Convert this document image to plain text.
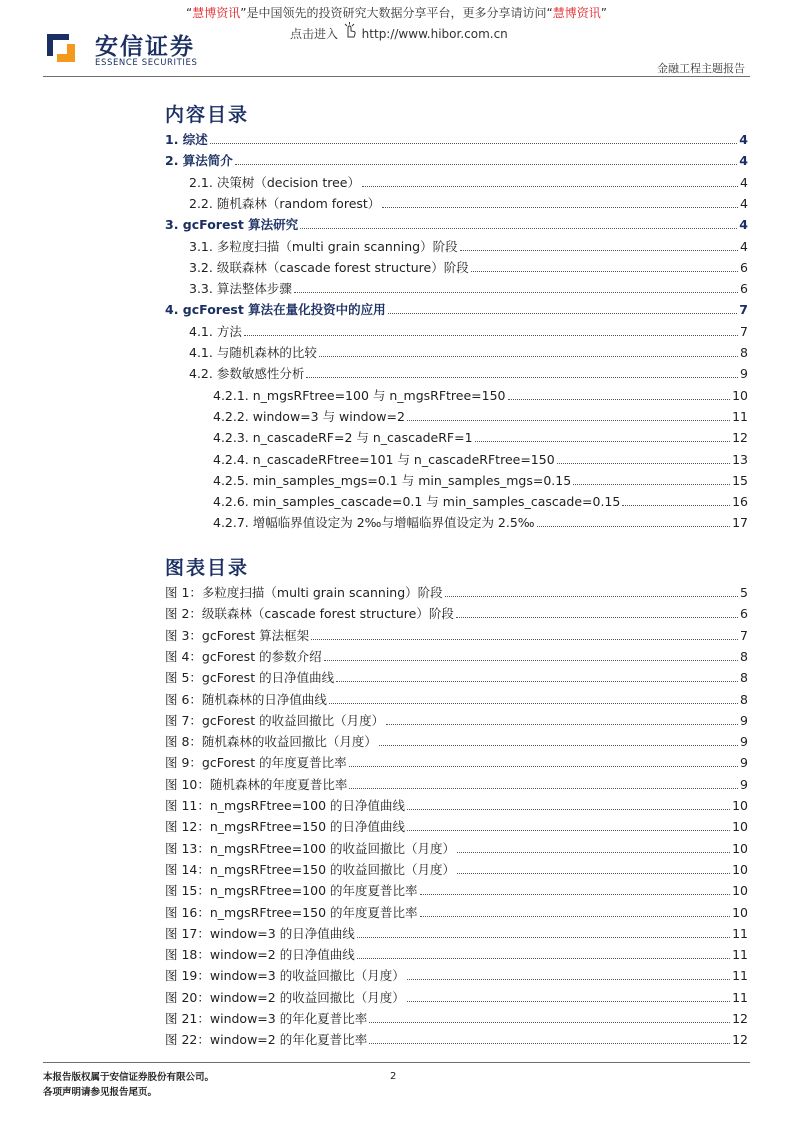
“慧博资讯”是中国领先的投资研究大数据分享平台，更多分享请访问“慧博资讯”
点击进入 http://www.hibor.com.cn
安信证券
ESSENCE SECURITIES	金融工程主题报告
内容目录
1. 综述	4
2. 算法简介	4
2.1. 决策树（decision tree）	4
2.2. 随机森林（random forest）	4
3. gcForest 算法研究	4
3.1. 多粒度扫描（multi grain scanning）阶段	4
3.2. 级联森林（cascade forest structure）阶段	6
3.3. 算法整体步骤	6
4. gcForest 算法在量化投资中的应用	7
4.1. 方法	7
4.1. 与随机森林的比较	8
4.2. 参数敏感性分析	9
4.2.1. n_mgsRFtree=100 与 n_mgsRFtree=150	10
4.2.2. window=3 与 window=2	11
4.2.3. n_cascadeRF=2 与 n_cascadeRF=1	12
4.2.4. n_cascadeRFtree=101 与 n_cascadeRFtree=150	13
4.2.5. min_samples_mgs=0.1 与 min_samples_mgs=0.15	15
4.2.6. min_samples_cascade=0.1 与 min_samples_cascade=0.15	16
4.2.7. 增幅临界值设定为 2‰与增幅临界值设定为 2.5‰	17
图表目录
图 1：多粒度扫描（multi grain scanning）阶段	5
图 2：级联森林（cascade forest structure）阶段	6
图 3：gcForest 算法框架	7
图 4：gcForest 的参数介绍	8
图 5：gcForest 的日净值曲线	8
图 6：随机森林的日净值曲线	8
图 7：gcForest 的收益回撤比（月度）	9
图 8：随机森林的收益回撤比（月度）	9
图 9：gcForest 的年度夏普比率	9
图 10：随机森林的年度夏普比率	9
图 11：n_mgsRFtree=100 的日净值曲线	10
图 12：n_mgsRFtree=150 的日净值曲线	10
图 13：n_mgsRFtree=100 的收益回撤比（月度）	10
图 14：n_mgsRFtree=150 的收益回撤比（月度）	10
图 15：n_mgsRFtree=100 的年度夏普比率	10
图 16：n_mgsRFtree=150 的年度夏普比率	10
图 17：window=3 的日净值曲线	11
图 18：window=2 的日净值曲线	11
图 19：window=3 的收益回撤比（月度）	11
图 20：window=2 的收益回撤比（月度）	11
图 21：window=3 的年化夏普比率	12
图 22：window=2 的年化夏普比率	12
本报告版权属于安信证券股份有限公司。
各项声明请参见报告尾页。
2
